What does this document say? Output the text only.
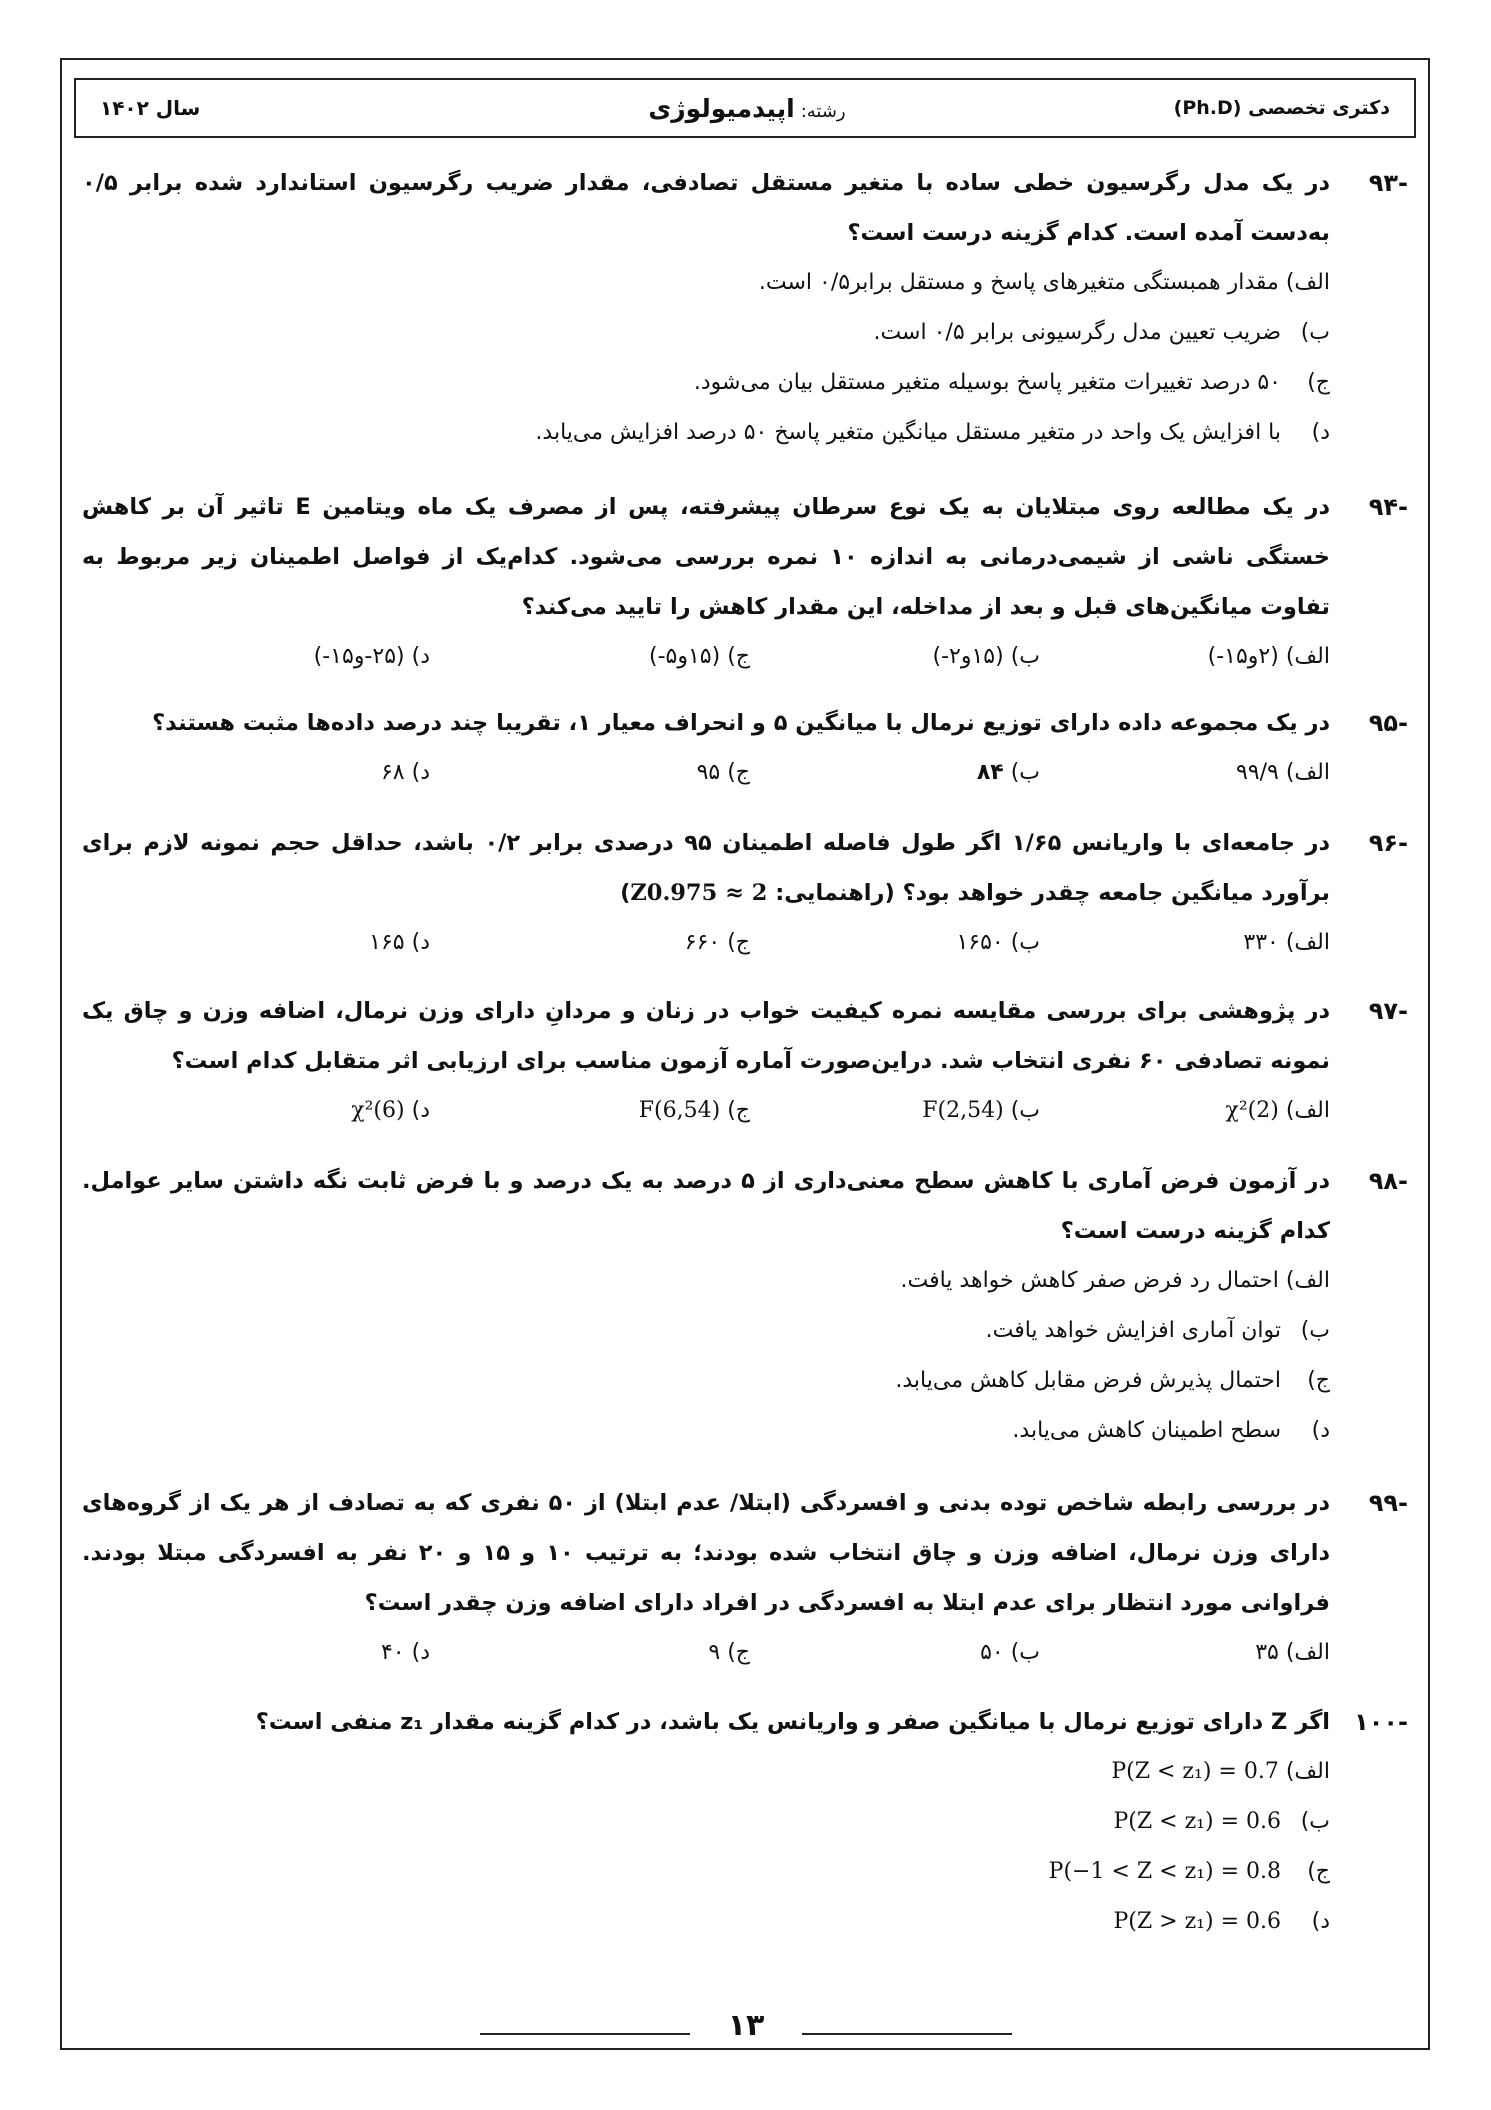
دکتری تخصصی (Ph.D)
رشته:
اپیدمیولوژی
سال ۱۴۰۲
-۹۳
در یک مدل رگرسیون خطی ساده با متغیر مستقل تصادفی، مقدار ضریب رگرسیون استاندارد شده برابر ۰/۵ به‌دست آمده است. کدام گزینه درست است؟
الف) مقدار همبستگی متغیرهای پاسخ و مستقل برابر۰/۵ است.
ب) ضریب تعیین مدل رگرسیونی برابر ۰/۵ است.
ج) ۵۰ درصد تغییرات متغیر پاسخ بوسیله متغیر مستقل بیان می‌شود.
د) با افزایش یک واحد در متغیر مستقل میانگین متغیر پاسخ ۵۰ درصد افزایش می‌یابد.
-۹۴
در یک مطالعه روی مبتلایان به یک نوع سرطان پیشرفته، پس از مصرف یک ماه ویتامین E تاثیر آن بر کاهش خستگی ناشی از شیمی‌درمانی به اندازه ۱۰ نمره بررسی می‌شود. کدام‌یک از فواصل اطمینان زیر مربوط به تفاوت میانگین‌های قبل و بعد از مداخله، این مقدار کاهش را تایید می‌کند؟
الف) (۲و۱۵-)
ب) (۱۵و۲-)
ج) (۱۵و۵-)
د) (۲۵-و۱۵-)
-۹۵
در یک مجموعه داده دارای توزیع نرمال با میانگین ۵ و انحراف معیار ۱، تقریبا چند درصد داده‌ها مثبت هستند؟
الف) ۹۹/۹
ب) ۸۴
ج) ۹۵
د) ۶۸
-۹۶
در جامعه‌ای با واریانس ۱/۶۵ اگر طول فاصله اطمینان ۹۵ درصدی برابر ۰/۲ باشد، حداقل حجم نمونه لازم برای برآورد میانگین جامعه چقدر خواهد بود؟ (راهنمایی: Z0.975 ≈ 2)
الف) ۳۳۰
ب) ۱۶۵۰
ج) ۶۶۰
د) ۱۶۵
-۹۷
در پژوهشی برای بررسی مقایسه نمره کیفیت خواب در زنان و مردانِ دارای وزن نرمال، اضافه وزن و چاق یک نمونه تصادفی ۶۰ نفری انتخاب شد. دراین‌صورت آماره آزمون مناسب برای ارزیابی اثر متقابل کدام است؟
الف) χ²(2)
ب) F(2,54)
ج) F(6,54)
د) χ²(6)
-۹۸
در آزمون فرض آماری با کاهش سطح معنی‌داری از ۵ درصد به یک درصد و با فرض ثابت نگه داشتن سایر عوامل. کدام گزینه درست است؟
الف) احتمال رد فرض صفر کاهش خواهد یافت.
ب) توان آماری افزایش خواهد یافت.
ج) احتمال پذیرش فرض مقابل کاهش می‌یابد.
د) سطح اطمینان کاهش می‌یابد.
-۹۹
در بررسی رابطه شاخص توده بدنی و افسردگی (ابتلا/ عدم ابتلا) از ۵۰ نفری که به تصادف از هر یک از گروه‌های دارای وزن نرمال، اضافه وزن و چاق انتخاب شده بودند؛ به ترتیب ۱۰ و ۱۵ و ۲۰ نفر به افسردگی مبتلا بودند. فراوانی مورد انتظار برای عدم ابتلا به افسردگی در افراد دارای اضافه وزن چقدر است؟
الف) ۳۵
ب) ۵۰
ج) ۹
د) ۴۰
-۱۰۰
اگر Z دارای توزیع نرمال با میانگین صفر و واریانس یک باشد، در کدام گزینه مقدار z₁ منفی است؟
الف) P(Z < z₁) = 0.7
ب) P(Z < z₁) = 0.6
ج) P(−1 < Z < z₁) = 0.8
د) P(Z > z₁) = 0.6
۱۳
